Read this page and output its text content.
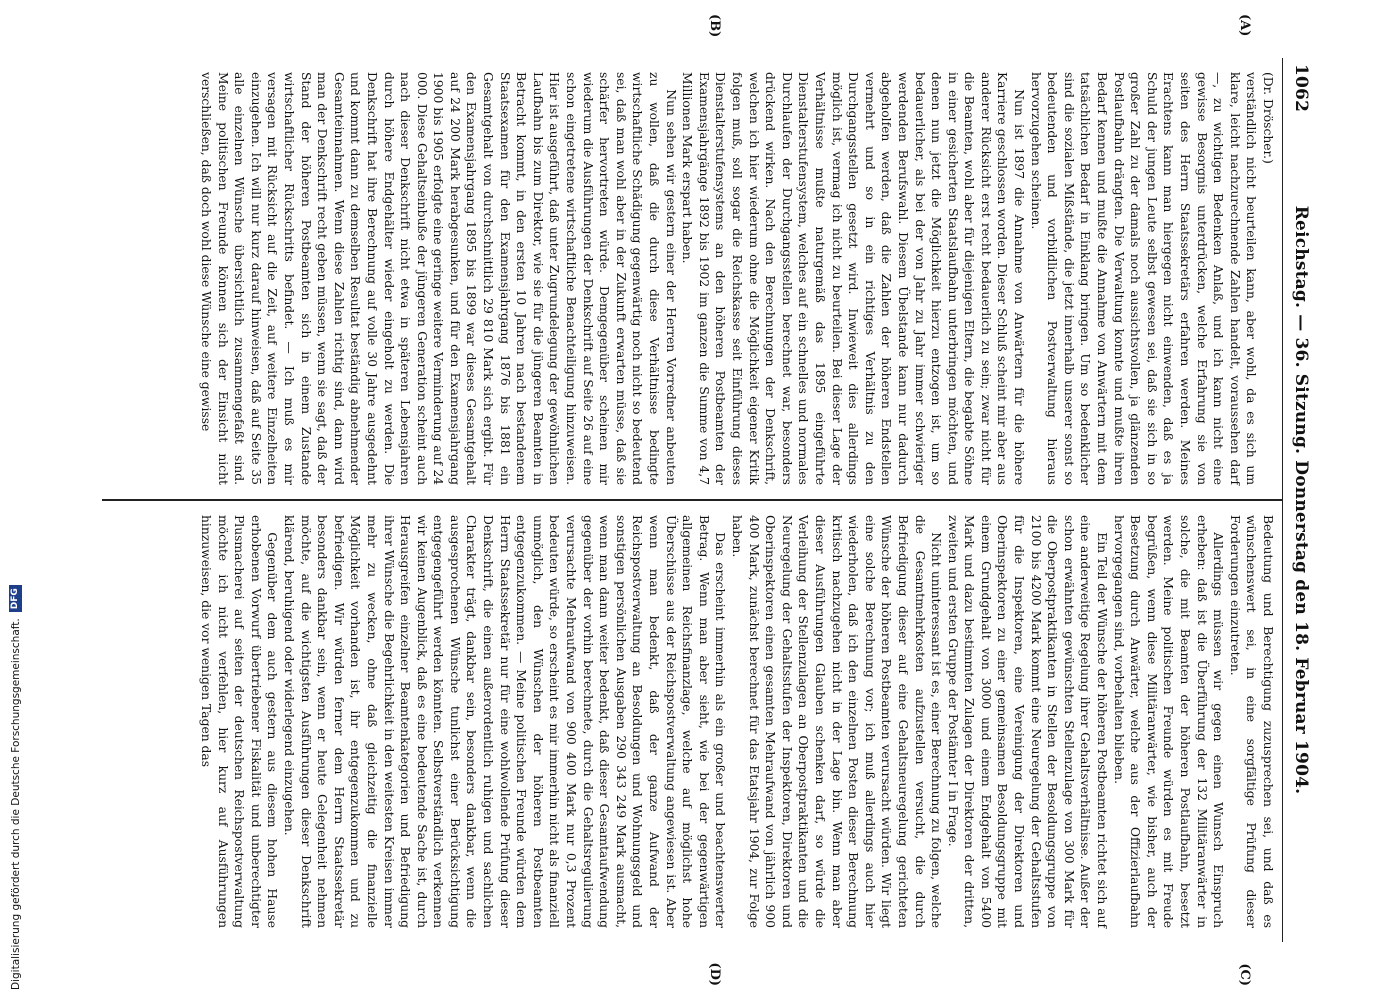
1062
Reichstag. — 36. Sitzung. Donnerstag den 18. Februar 1904.
(A)
(B)
(C)
(D)

(Dr. Dröscher.)

verständlich nicht beurteilen kann, aber wohl, da es sich um klare, leicht nachzurechnende Zahlen handelt, voraussehen darf —, zu wichtigen Bedenken Anlaß, und ich kann nicht eine gewisse Besorgnis unterdrücken, welche Erfahrung sie von seiten des Herrn Staatssekretärs erfahren werden. Meines Erachtens kann man hiergegen nicht einwenden, daß es ja Schuld der jungen Leute selbst gewesen sei, daß sie sich in so großer Zahl zu der damals noch aussichtsvollen, ja glänzenden Postlaufbahn drängten. Die Verwaltung konnte und mußte ihren Bedarf kennen und mußte die Annahme von Anwärtern mit dem tatsächlichen Bedarf in Einklang bringen. Um so bedenklicher sind die sozialen Mißstände, die jetzt innerhalb unserer sonst so bedeutenden und vorbildlichen Postverwaltung hieraus hervorzugehen scheinen.

Nun ist 1897 die Annahme von Anwärtern für die höhere Karriere geschlossen worden. Dieser Schluß scheint mir aber aus anderer Rücksicht erst recht bedauerlich zu sein; zwar nicht für die Beamten, wohl aber für diejenigen Eltern, die begabte Söhne in einer gesicherten Staatslaufbahn unterbringen möchten, und denen nun jetzt die Möglichkeit hierzu entzogen ist, um so bedauerlicher, als bei der von Jahr zu Jahr immer schwieriger werdenden Berufswahl. Diesem Übelstande kann nur dadurch abgeholfen werden, daß die Zahlen der höheren Endstellen vermehrt und so in ein richtiges Verhältnis zu den Durchgangsstellen gesetzt wird. Inwieweit dies allerdings möglich ist, vermag ich nicht zu beurteilen. Bei dieser Lage der Verhältnisse mußte naturgemäß das 1895 eingeführte Dienstalterstufensystem, welches auf ein schnelles und normales Durchlaufen der Durchgangsstellen berechnet war, besonders drückend wirken. Nach den Berechnungen der Denkschrift, welchen ich hier wiederum ohne die Möglichkeit eigener Kritik folgen muß, soll sogar die Reichskasse seit Einführung dieses Dienstalterstufensystems an den höheren Postbeamten der Examensjahrgänge 1892 bis 1902 im ganzen die Summe von 4,7 Millionen Mark erspart haben.

Nun sehen wir gestern einer der Herren Vorredner anbeuten zu wollen, daß die durch diese Verhältnisse bedingte wirtschaftliche Schädigung gegenwärtig noch nicht so bedeutend sei, daß man wohl aber in der Zukunft erwarten müsse, daß sie schärfer hervortreten würde. Demgegenüber scheinen mir wiederum die Ausführungen der Denkschrift auf Seite 26 auf eine schon eingetretene wirtschaftliche Benachteiligung hinzuweisen. Hier ist ausgeführt, daß unter Zugrundelegung der gewöhnlichen Laufbahn bis zum Direktor, wie sie für die jüngeren Beamten in Betracht kommt, in den ersten 10 Jahren nach bestandenem Staatsexamen für den Examensjahrgang 1876 bis 1881 ein Gesamtgehalt von durchschnittlich 29 810 Mark sich ergibt. Für den Examensjahrgang 1895 bis 1899 war dieses Gesamtgehalt auf 24 200 Mark herabgesunken, und für den Examensjahrgang 1900 bis 1905 erfolgte eine geringe weitere Verminderung auf 24 000. Diese Gehaltseinbuße der jüngeren Generation scheint auch nach dieser Denkschrift nicht etwa in späteren Lebensjahren durch höhere Endgehälter wieder eingeholt zu werden. Die Denkschrift hat ihre Berechnung auf volle 30 Jahre ausgedehnt und kommt dann zu demselben Resultat beständig abnehmender Gesamteinnahmen. Wenn diese Zahlen richtig sind, dann wird man der Denkschrift recht geben müssen, wenn sie sagt, daß der Stand der höheren Postbeamten sich in einem Zustande wirtschaftlicher Rückschritts befindet. — Ich muß es mir versagen mit Rücksicht auf die Zeit, auf weitere Einzelheiten einzugehen. Ich will nur kurz darauf hinweisen, daß auf Seite 35 alle einzelnen Wünsche übersichtlich zusammengefaßt sind. Meine politischen Freunde können sich der Einsicht nicht verschließen, daß doch wohl diese Wünsche eine gewisse

Bedeutung und Berechtigung zuzusprechen sei, und daß es wünschenswert sei, in eine sorgfältige Prüfung dieser Forderungen einzutreten.

Allerdings müssen wir gegen einen Wunsch Einspruch erheben: daß ist die Überführung der 132 Militäranwärter in solche, die mit Beamten der höheren Postlaufbahn, besetzt werden. Meine politischen Freunde würden es mit Freude begrüßen, wenn diese Militäranwärter, wie bisher, auch der Besetzung durch Anwärter, welche aus der Offizierlaufbahn hervorgegangen sind, vorbehalten blieben.

Ein Teil der Wünsche der höheren Postbeamten richtet sich auf eine anderweitige Regelung ihrer Gehaltsverhältnisse. Außer der schon erwähnten gewünschten Stellenzulage von 300 Mark für die Oberpostpraktikanten in Stellen der Besoldungsgruppe von 2100 bis 4200 Mark kommt eine Neuregelung der Gehaltsstufen für die Inspektoren, eine Vereinigung der Direktoren und Oberinspektoren zu einer gemeinsamen Besoldungsgruppe mit einem Grundgehalt von 3000 und einem Endgehalt von 5400 Mark und dazu bestimmten Zulagen der Direktoren der dritten, zweiten und ersten Gruppe der Postämter I in Frage.

Nicht uninteressant ist es, einer Berechnung zu folgen, welche die Gesamtmehrkosten aufzustellen versucht, die durch Befriedigung dieser auf eine Gehaltsneuregelung gerichteten Wünsche der höheren Postbeamten verursacht würden. Wir liegt eine solche Berechnung vor; ich muß allerdings auch hier wiederholen, daß ich den einzelnen Posten dieser Berechnung kritisch nachzugehen nicht in der Lage bin. Wenn man aber dieser Ausführungen Glauben schenken darf, so würde die Verleihung der Stellenzulagen an Oberpostpraktikanten und die Neuregelung der Gehaltsstufen der Inspektoren, Direktoren und Oberinspektoren einen gesamten Mehraufwand von jährlich 900 400 Mark, zunächst berechnet für das Etatsjahr 1904, zur Folge haben.

Das erscheint immerhin als ein großer und beachtenswerter Betrag. Wenn man aber sieht, wie bei der gegenwärtigen allgemeinen Reichsfinanzlage, welche auf möglichst hohe Überschüsse aus der Reichspostverwaltung angewiesen ist. Aber wenn man bedenkt, daß der ganze Aufwand der Reichspostverwaltung an Besoldungen und Wohnungsgeld und sonstigen persönlichen Ausgaben 290 343 249 Mark ausmacht, wenn man dann weiter bedenkt, daß dieser Gesamtaufwendung gegenüber der vorhin berechnete, durch die Gehaltsregulierung verursachte Mehraufwand von 900 400 Mark nur 0,3 Prozent bedeuten würde, so erscheint es mir immerhin nicht als finanziell unmöglich, den Wünschen der höheren Postbeamten entgegenzukommen. — Meine politischen Freunde würden dem Herrn Staatssekretär nur für eine wohlwollende Prüfung dieser Denkschrift, die einen außerordentlich ruhigen und sachlichen Charakter trägt, dankbar sein, besonders dankbar, wenn die ausgesprochenen Wünsche tunlichst einer Berücksichtigung entgegengeführt werden könnten. Selbstverständlich verkennen wir keinen Augenblick, daß es eine bedeutende Sache ist, durch Herausgreifen einzelner Beamtenkategorien und Befriedigung ihrer Wünsche die Begehrlichkeit in den weitesten Kreisen immer mehr zu wecken, ohne daß gleichzeitig die finanzielle Möglichkeit vorhanden ist, ihr entgegenzukommen und zu befriedigen. Wir würden ferner dem Herrn Staatssekretär besonders dankbar sein, wenn er heute Gelegenheit nehmen möchte, auf die wichtigsten Ausführungen dieser Denkschrift klärend, beruhigend oder widerlegend einzugehen.

Gegenüber dem auch gestern aus diesem hohen Hause erhobenen Vorwurf übertriebener Fiskalität und unberechtigter Plusmacherei auf seiten der deutschen Reichspostverwaltung möchte ich nicht verfehlen, hier kurz auf Ausführungen hinzuweisen, die vor wenigen Tagen das

Digitalisierung gefördert durch die Deutsche Forschungsgemeinschaft.
DFG
